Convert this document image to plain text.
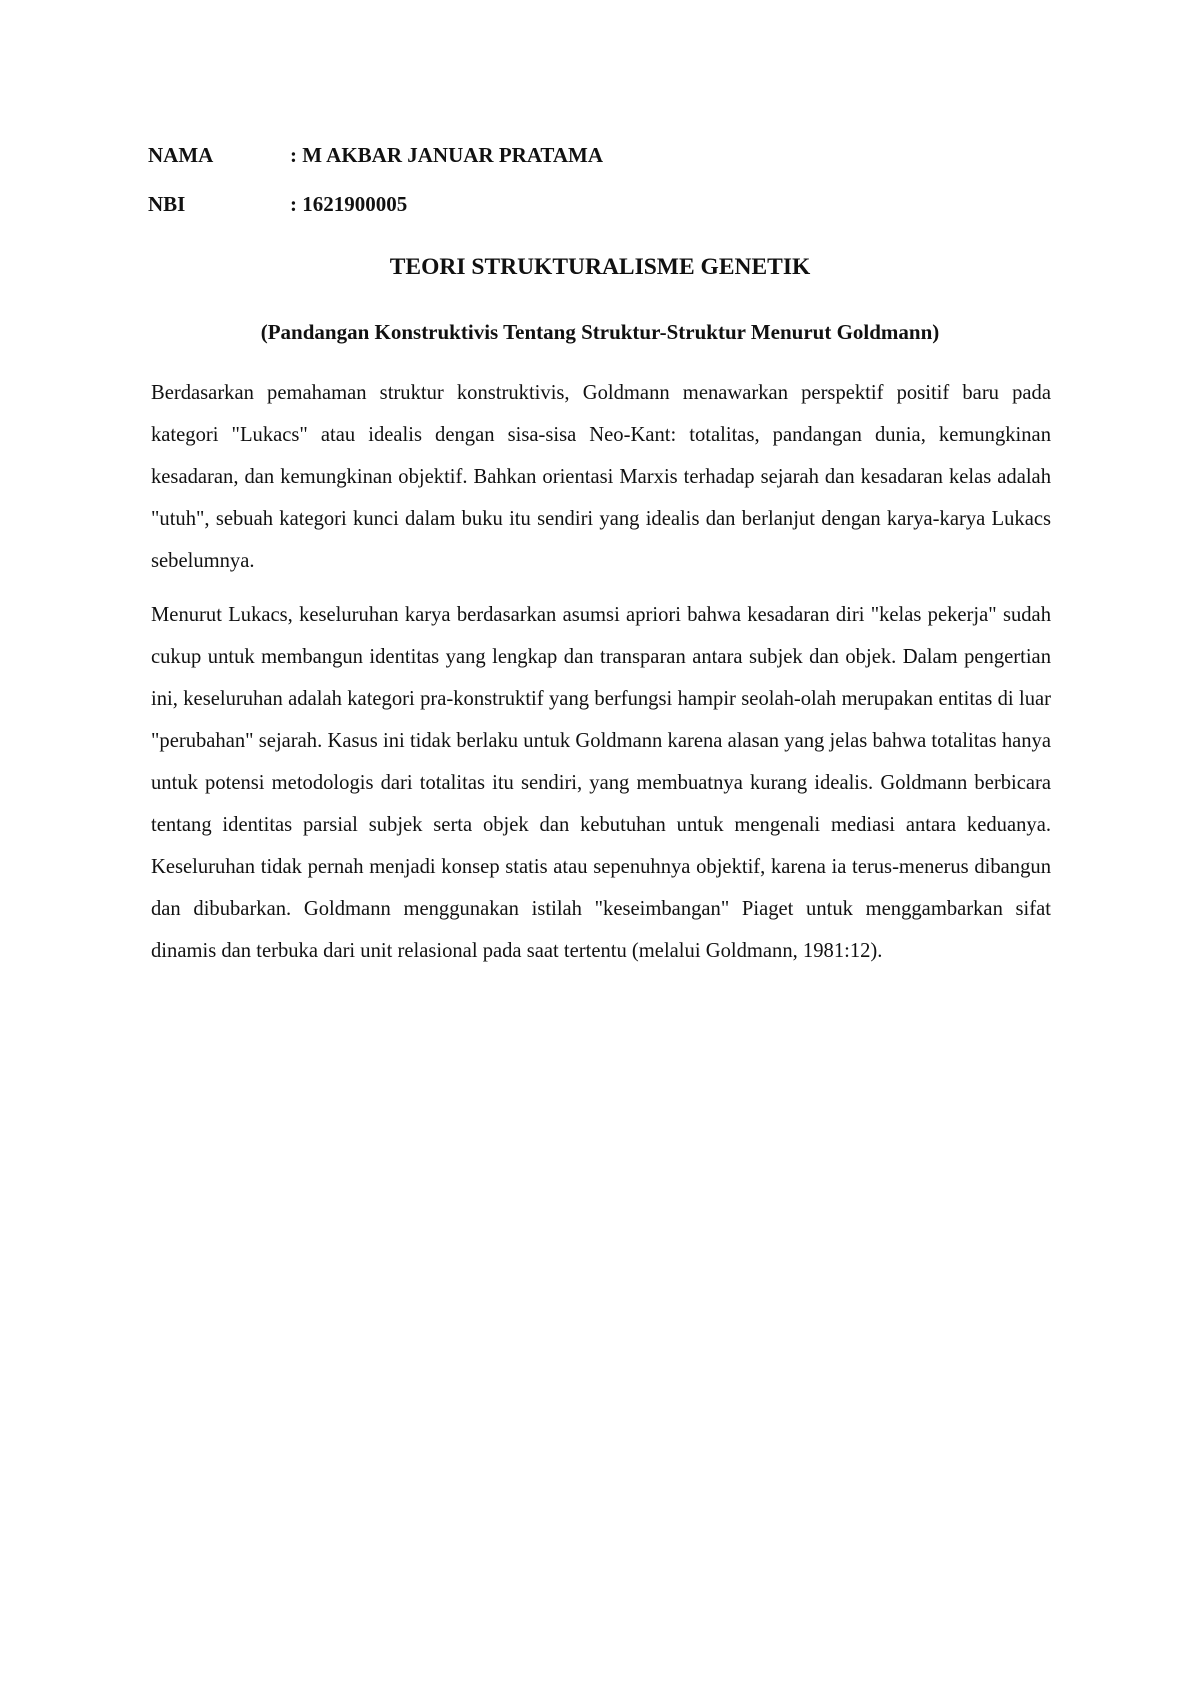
NAMA	: M AKBAR JANUAR PRATAMA
NBI	: 1621900005
TEORI STRUKTURALISME GENETIK
(Pandangan Konstruktivis Tentang Struktur-Struktur Menurut Goldmann)

Berdasarkan pemahaman struktur konstruktivis, Goldmann menawarkan perspektif positif baru pada kategori "Lukacs" atau idealis dengan sisa-sisa Neo-Kant: totalitas, pandangan dunia, kemungkinan kesadaran, dan kemungkinan objektif. Bahkan orientasi Marxis terhadap sejarah dan kesadaran kelas adalah "utuh", sebuah kategori kunci dalam buku itu sendiri yang idealis dan berlanjut dengan karya-karya Lukacs sebelumnya.

Menurut Lukacs, keseluruhan karya berdasarkan asumsi apriori bahwa kesadaran diri "kelas pekerja" sudah cukup untuk membangun identitas yang lengkap dan transparan antara subjek dan objek. Dalam pengertian ini, keseluruhan adalah kategori pra-konstruktif yang berfungsi hampir seolah-olah merupakan entitas di luar "perubahan" sejarah. Kasus ini tidak berlaku untuk Goldmann karena alasan yang jelas bahwa totalitas hanya untuk potensi metodologis dari totalitas itu sendiri, yang membuatnya kurang idealis. Goldmann berbicara tentang identitas parsial subjek serta objek dan kebutuhan untuk mengenali mediasi antara keduanya. Keseluruhan tidak pernah menjadi konsep statis atau sepenuhnya objektif, karena ia terus-menerus dibangun dan dibubarkan. Goldmann menggunakan istilah "keseimbangan" Piaget untuk menggambarkan sifat dinamis dan terbuka dari unit relasional pada saat tertentu (melalui Goldmann, 1981:12).
